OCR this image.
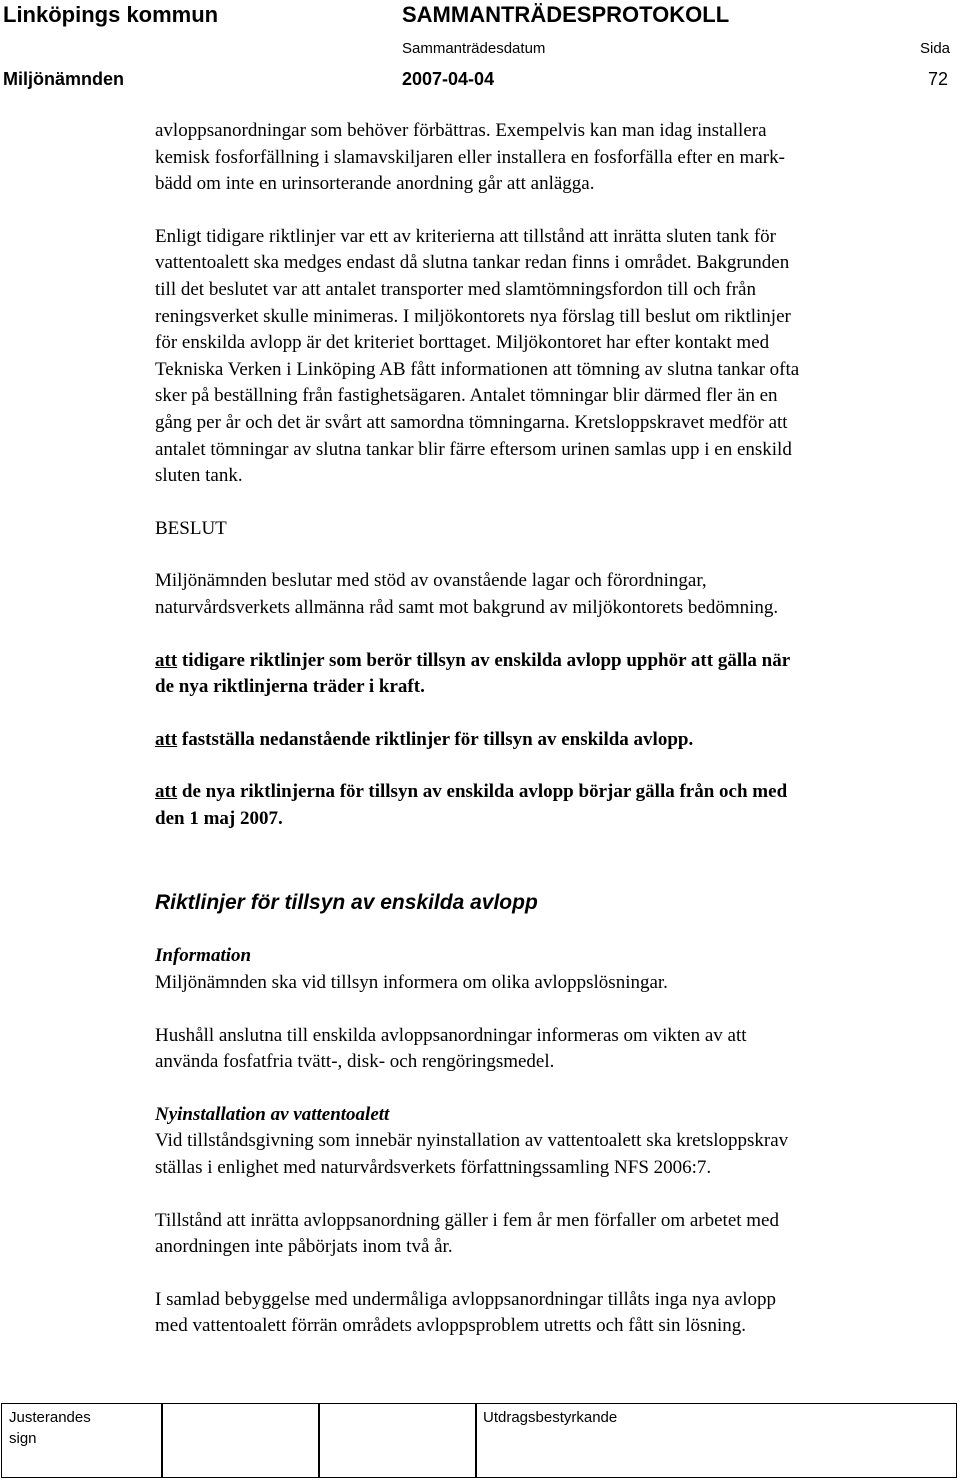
Linköpings kommun	SAMMANTRÄDESPROTOKOLL
Sammanträdesdatum	Sida
Miljönämnden	2007-04-04	72

avloppsanordningar som behöver förbättras. Exempelvis kan man idag installera
kemisk fosforfällning i slamavskiljaren eller installera en fosforfälla efter en mark-
bädd om inte en urinsorterande anordning går att anlägga.

Enligt tidigare riktlinjer var ett av kriterierna att tillstånd att inrätta sluten tank för
vattentoalett ska medges endast då slutna tankar redan finns i området. Bakgrunden
till det beslutet var att antalet transporter med slamtömningsfordon till och från
reningsverket skulle minimeras. I miljökontorets nya förslag till beslut om riktlinjer
för enskilda avlopp är det kriteriet borttaget. Miljökontoret har efter kontakt med
Tekniska Verken i Linköping AB fått informationen att tömning av slutna tankar ofta
sker på beställning från fastighetsägaren. Antalet tömningar blir därmed fler än en
gång per år och det är svårt att samordna tömningarna. Kretsloppskravet medför att
antalet tömningar av slutna tankar blir färre eftersom urinen samlas upp i en enskild
sluten tank.

BESLUT

Miljönämnden beslutar med stöd av ovanstående lagar och förordningar,
naturvårdsverkets allmänna råd samt mot bakgrund av miljökontorets bedömning.

att tidigare riktlinjer som berör tillsyn av enskilda avlopp upphör att gälla när
de nya riktlinjerna träder i kraft.

att fastställa nedanstående riktlinjer för tillsyn av enskilda avlopp.

att de nya riktlinjerna för tillsyn av enskilda avlopp börjar gälla från och med
den 1 maj 2007.

Riktlinjer för tillsyn av enskilda avlopp

Information

Miljönämnden ska vid tillsyn informera om olika avloppslösningar.

Hushåll anslutna till enskilda avloppsanordningar informeras om vikten av att
använda fosfatfria tvätt-, disk- och rengöringsmedel.

Nyinstallation av vattentoalett

Vid tillståndsgivning som innebär nyinstallation av vattentoalett ska kretsloppskrav
ställas i enlighet med naturvårdsverkets författningssamling NFS 2006:7.

Tillstånd att inrätta avloppsanordning gäller i fem år men förfaller om arbetet med
anordningen inte påbörjats inom två år.

I samlad bebyggelse med undermåliga avloppsanordningar tillåts inga nya avlopp
med vattentoalett förrän områdets avloppsproblem utretts och fått sin lösning.

Justerandes
sign
Utdragsbestyrkande
